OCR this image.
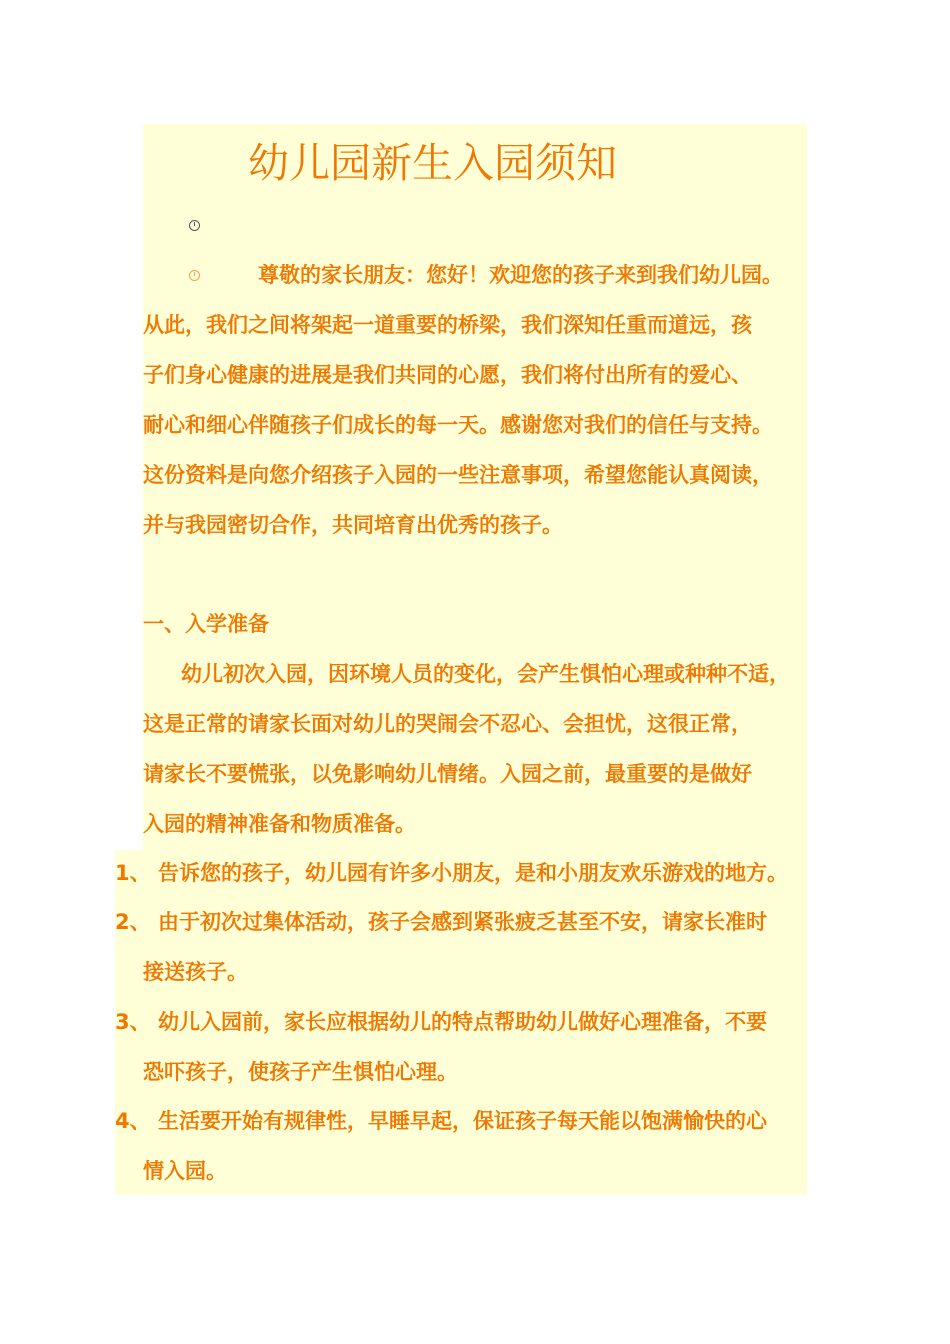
幼儿园新生入园须知
尊敬的家长朋友：您好！欢迎您的孩子来到我们幼儿园。
从此，我们之间将架起一道重要的桥梁，我们深知任重而道远，孩
子们身心健康的进展是我们共同的心愿，我们将付出所有的爱心、
耐心和细心伴随孩子们成长的每一天。感谢您对我们的信任与支持。
这份资料是向您介绍孩子入园的一些注意事项，希望您能认真阅读，
并与我园密切合作，共同培育出优秀的孩子。
一、入学准备
幼儿初次入园，因环境人员的变化，会产生惧怕心理或种种不适，
这是正常的请家长面对幼儿的哭闹会不忍心、会担忧，这很正常，
请家长不要慌张，以免影响幼儿情绪。入园之前，最重要的是做好
入园的精神准备和物质准备。
1、 告诉您的孩子，幼儿园有许多小朋友，是和小朋友欢乐游戏的地方。
2、 由于初次过集体活动，孩子会感到紧张疲乏甚至不安，请家长准时
接送孩子。
3、 幼儿入园前，家长应根据幼儿的特点帮助幼儿做好心理准备，不要
恐吓孩子，使孩子产生惧怕心理。
4、 生活要开始有规律性，早睡早起，保证孩子每天能以饱满愉快的心
情入园。
